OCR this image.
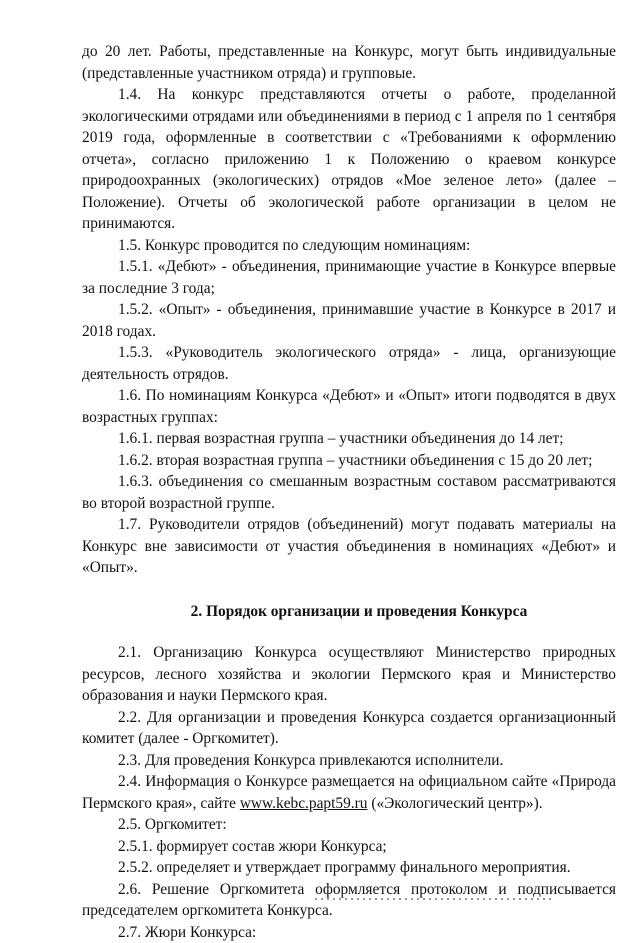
до 20 лет. Работы, представленные на Конкурс, могут быть индивидуальные (представленные участником отряда) и групповые.

1.4. На конкурс представляются отчеты о работе, проделанной экологическими отрядами или объединениями в период с 1 апреля по 1 сентября 2019 года, оформленные в соответствии с «Требованиями к оформлению отчета», согласно приложению 1 к Положению о краевом конкурсе природоохранных (экологических) отрядов «Мое зеленое лето» (далее – Положение). Отчеты об экологической работе организации в целом не принимаются.

1.5. Конкурс проводится по следующим номинациям:

1.5.1. «Дебют» - объединения, принимающие участие в Конкурсе впервые за последние 3 года;

1.5.2. «Опыт» - объединения, принимавшие участие в Конкурсе в 2017 и 2018 годах.

1.5.3. «Руководитель экологического отряда» - лица, организующие деятельность отрядов.

1.6. По номинациям Конкурса «Дебют» и «Опыт» итоги подводятся в двух возрастных группах:

1.6.1. первая возрастная группа – участники объединения до 14 лет;

1.6.2. вторая возрастная группа – участники объединения с 15 до 20 лет;

1.6.3. объединения со смешанным возрастным составом рассматриваются во второй возрастной группе.

1.7. Руководители отрядов (объединений) могут подавать материалы на Конкурс вне зависимости от участия объединения в номинациях «Дебют» и «Опыт».

2. Порядок организации и проведения Конкурса

2.1. Организацию Конкурса осуществляют Министерство природных ресурсов, лесного хозяйства и экологии Пермского края и Министерство образования и науки Пермского края.

2.2. Для организации и проведения Конкурса создается организационный комитет (далее - Оргкомитет).

2.3. Для проведения Конкурса привлекаются исполнители.

2.4. Информация о Конкурсе размещается на официальном сайте «Природа Пермского края», сайте www.kebc.papt59.ru («Экологический центр»).

2.5. Оргкомитет:

2.5.1. формирует состав жюри Конкурса;

2.5.2. определяет и утверждает программу финального мероприятия.

2.6. Решение Оргкомитета оформляется протоколом и подписывается председателем оргкомитета Конкурса.

2.7. Жюри Конкурса:
